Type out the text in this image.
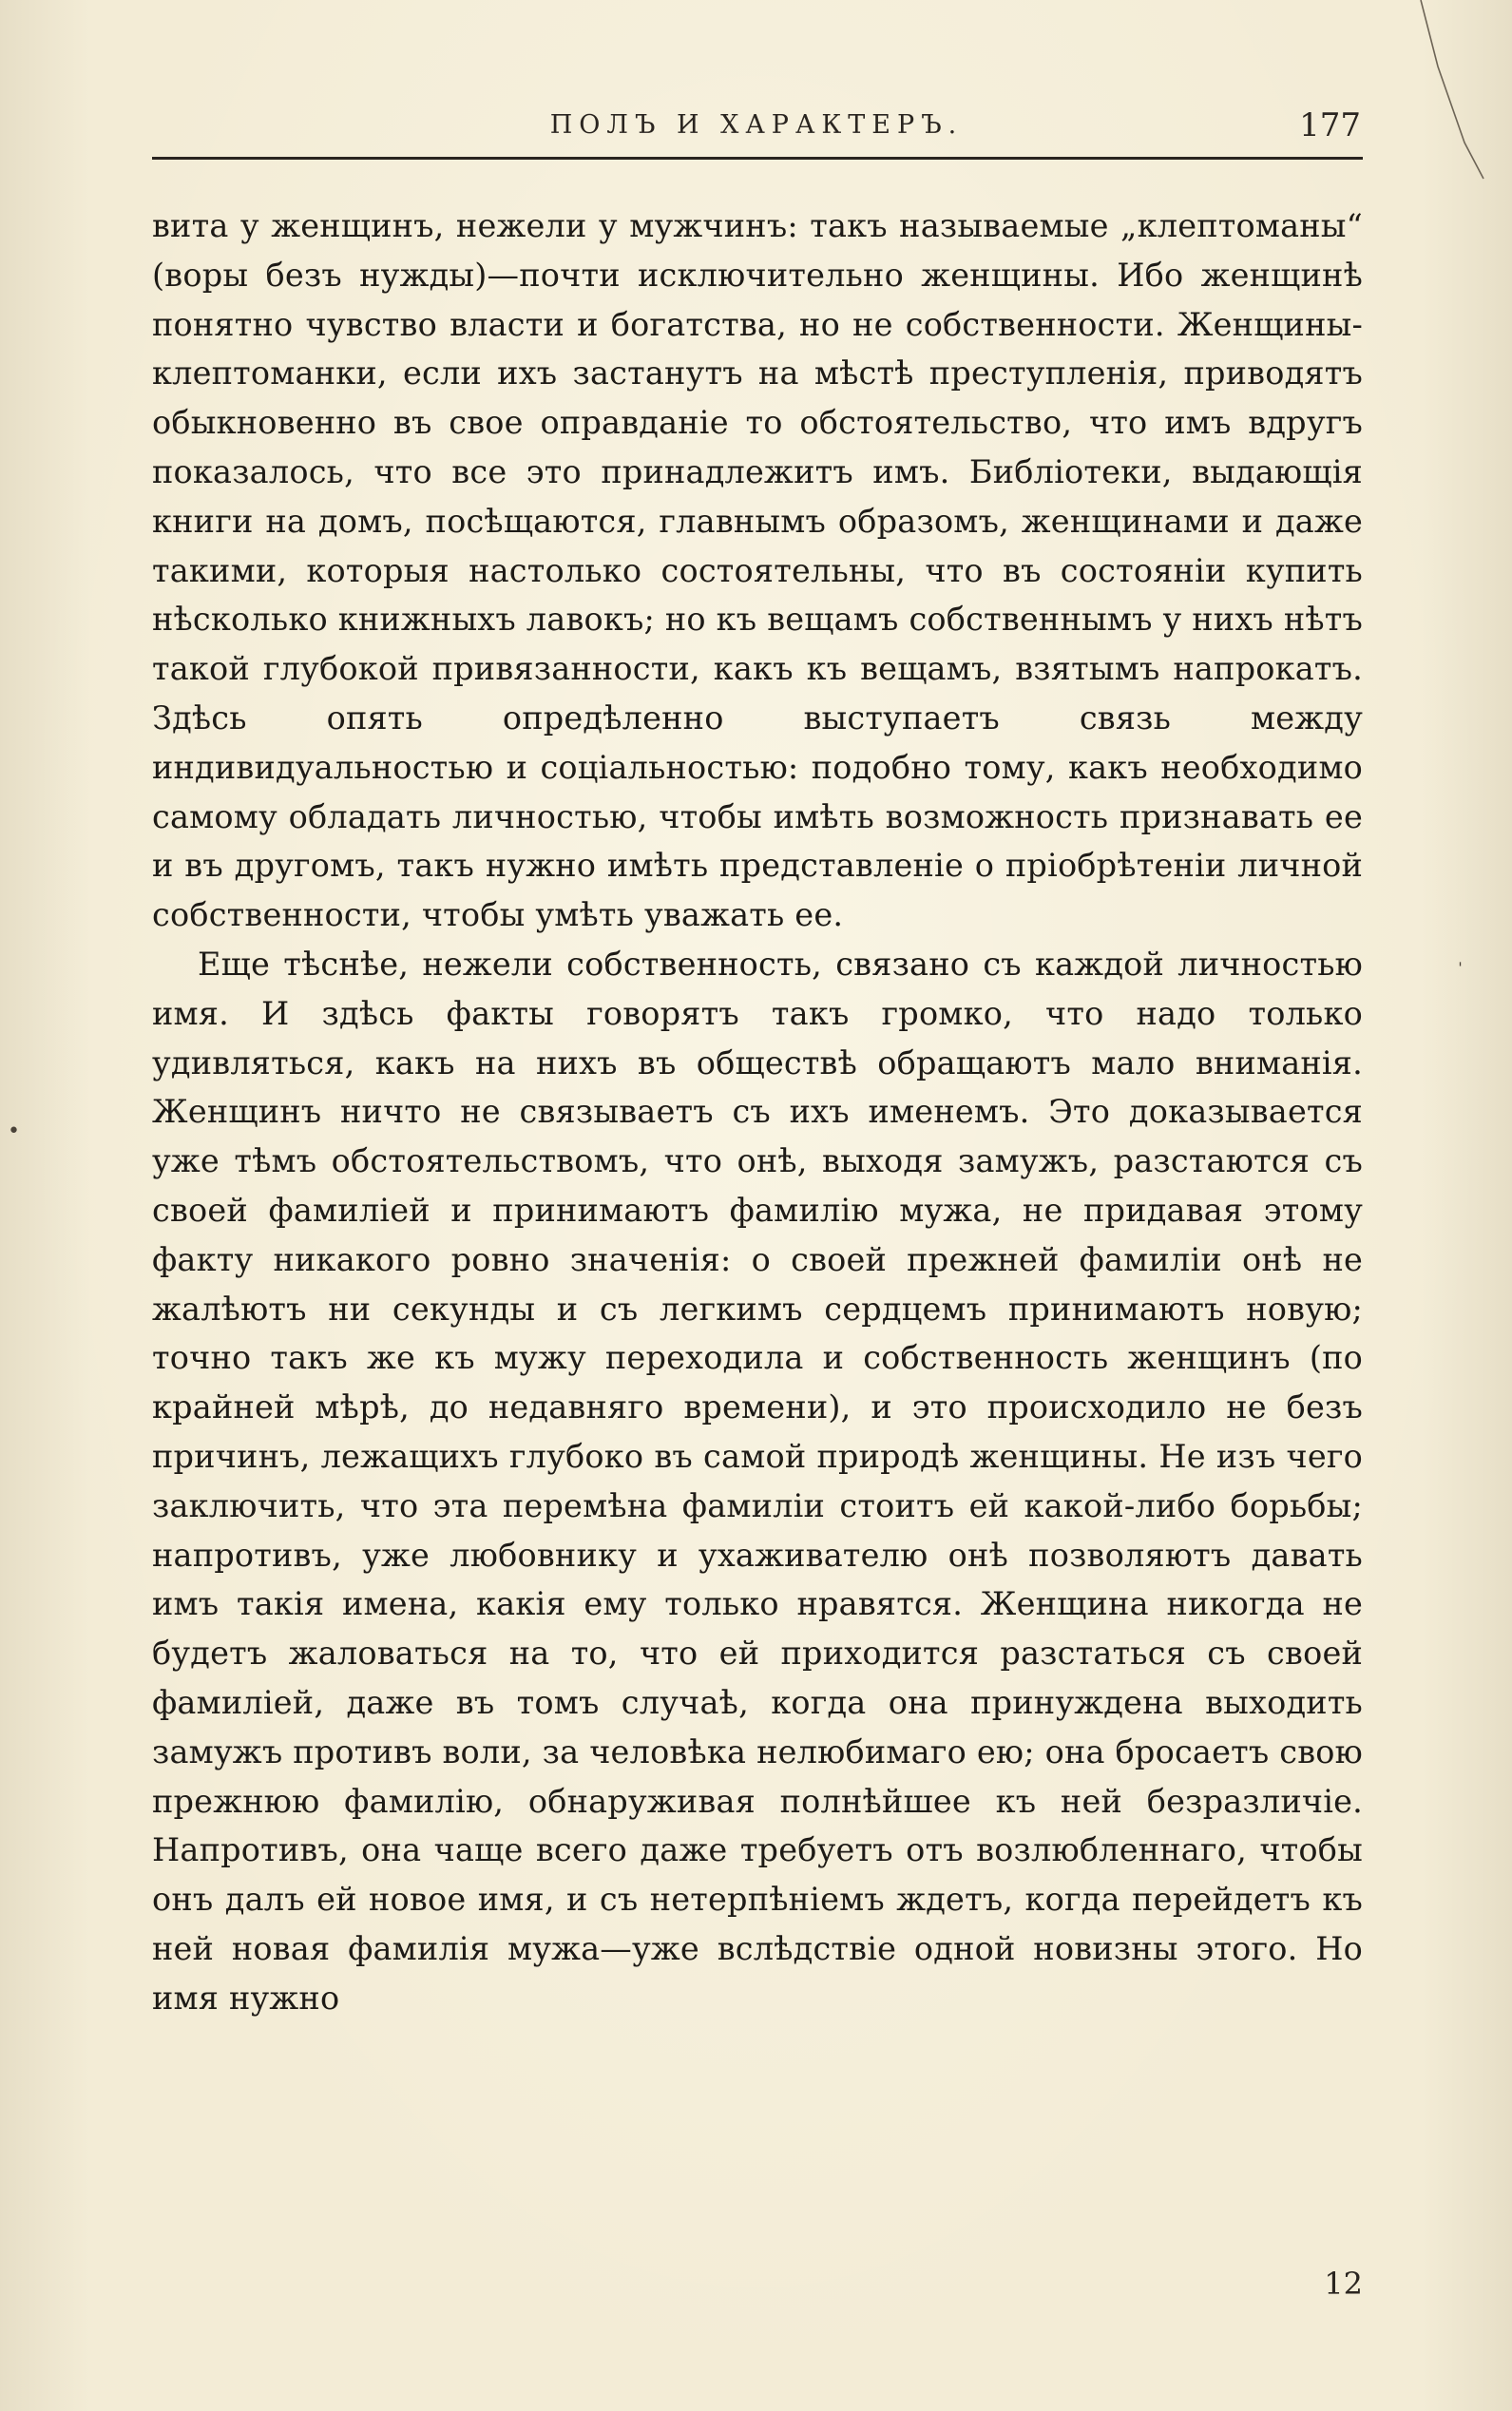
ПОЛЪ И ХАРАКТЕРЪ.	177

вита у женщинъ, нежели у мужчинъ: такъ называемые „клептоманы“ (воры безъ нужды)—почти исключительно женщины. Ибо женщинѣ понятно чувство власти и богатства, но не собственности. Женщины-клептоманки, если ихъ застанутъ на мѣстѣ преступленія, приводятъ обыкновенно въ свое оправданіе то обстоятельство, что имъ вдругъ показалось, что все это принадлежитъ имъ. Библіотеки, выдающія книги на домъ, посѣщаются, главнымъ образомъ, женщинами и даже такими, которыя настолько состоятельны, что въ состояніи купить нѣсколько книжныхъ лавокъ; но къ вещамъ собственнымъ у нихъ нѣтъ такой глубокой привязанности, какъ къ вещамъ, взятымъ напрокатъ. Здѣсь опять опредѣленно выступаетъ связь между индивидуальностью и соціальностью: подобно тому, какъ необходимо самому обладать личностью, чтобы имѣть возможность признавать ее и въ другомъ, такъ нужно имѣть представленіе о пріобрѣтеніи личной собственности, чтобы умѣть уважать ее.

Еще тѣснѣе, нежели собственность, связано съ каждой личностью имя. И здѣсь факты говорятъ такъ громко, что надо только удивляться, какъ на нихъ въ обществѣ обращаютъ мало вниманія. Женщинъ ничто не связываетъ съ ихъ именемъ. Это доказывается уже тѣмъ обстоятельствомъ, что онѣ, выходя замужъ, разстаются съ своей фамиліей и принимаютъ фамилію мужа, не придавая этому факту никакого ровно значенія: о своей прежней фамиліи онѣ не жалѣютъ ни секунды и съ легкимъ сердцемъ принимаютъ новую; точно такъ же къ мужу переходила и собственность женщинъ (по крайней мѣрѣ, до недавняго времени), и это происходило не безъ причинъ, лежащихъ глубоко въ самой природѣ женщины. Не изъ чего заключить, что эта перемѣна фамиліи стоитъ ей какой-либо борьбы; напротивъ, уже любовнику и ухаживателю онѣ позволяютъ давать имъ такія имена, какія ему только нравятся. Женщина никогда не будетъ жаловаться на то, что ей приходится разстаться съ своей фамиліей, даже въ томъ случаѣ, когда она принуждена выходить замужъ противъ воли, за человѣка нелюбимаго ею; она бросаетъ свою прежнюю фамилію, обнаруживая полнѣйшее къ ней безразличіе. Напротивъ, она чаще всего даже требуетъ отъ возлюбленнаго, чтобы онъ далъ ей новое имя, и съ нетерпѣніемъ ждетъ, когда перейдетъ къ ней новая фамилія мужа—уже вслѣдствіе одной новизны этого. Но имя нужно

12
•
ˈ
